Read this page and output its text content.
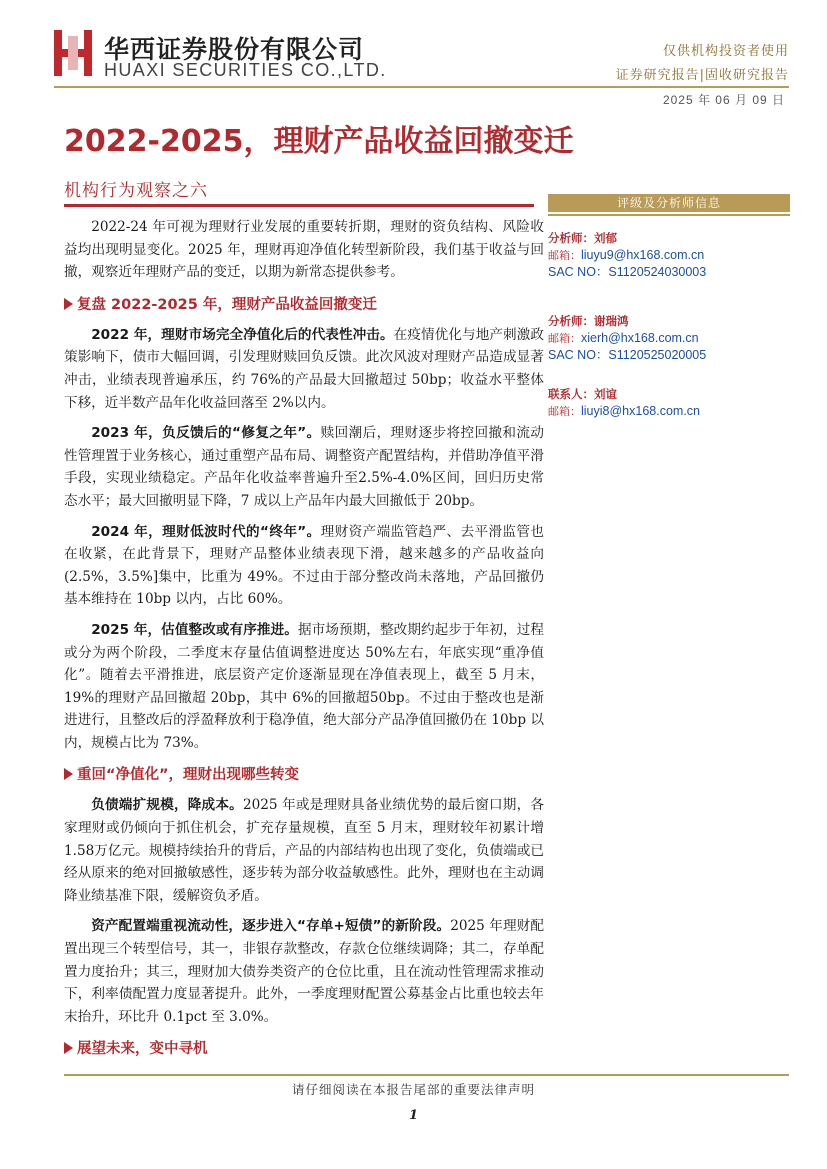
华西证券股份有限公司
HUAXI SECURITIES CO.,LTD.
仅供机构投资者使用
证券研究报告|固收研究报告
2025 年 06 月 09 日
2022-2025，理财产品收益回撤变迁
机构行为观察之六

2022-24 年可视为理财行业发展的重要转折期，理财的资负结构、风险收益均出现明显变化。2025 年，理财再迎净值化转型新阶段，我们基于收益与回撤，观察近年理财产品的变迁，以期为新常态提供参考。

复盘 2022-2025 年，理财产品收益回撤变迁

2022 年，理财市场完全净值化后的代表性冲击。在疫情优化与地产刺激政策影响下，债市大幅回调，引发理财赎回负反馈。此次风波对理财产品造成显著冲击，业绩表现普遍承压，约 76%的产品最大回撤超过 50bp；收益水平整体下移，近半数产品年化收益回落至 2%以内。

2023 年，负反馈后的“修复之年”。赎回潮后，理财逐步将控回撤和流动性管理置于业务核心，通过重塑产品布局、调整资产配置结构，并借助净值平滑手段，实现业绩稳定。产品年化收益率普遍升至2.5%-4.0%区间，回归历史常态水平；最大回撤明显下降，7 成以上产品年内最大回撤低于 20bp。

2024 年，理财低波时代的“终年”。理财资产端监管趋严、去平滑监管也在收紧，在此背景下，理财产品整体业绩表现下滑，越来越多的产品收益向(2.5%，3.5%]集中，比重为 49%。不过由于部分整改尚未落地，产品回撤仍基本维持在 10bp 以内，占比 60%。

2025 年，估值整改或有序推进。据市场预期，整改期约起步于年初，过程或分为两个阶段，二季度末存量估值调整进度达 50%左右，年底实现“重净值化”。随着去平滑推进，底层资产定价逐渐显现在净值表现上，截至 5 月末，19%的理财产品回撤超 20bp，其中 6%的回撤超50bp。不过由于整改也是渐进进行，且整改后的浮盈释放利于稳净值，绝大部分产品净值回撤仍在 10bp 以内，规模占比为 73%。

重回“净值化”，理财出现哪些转变

负债端扩规模，降成本。2025 年或是理财具备业绩优势的最后窗口期，各家理财或仍倾向于抓住机会，扩充存量规模，直至 5 月末，理财较年初累计增1.58万亿元。规模持续抬升的背后，产品的内部结构也出现了变化，负债端或已经从原来的绝对回撤敏感性，逐步转为部分收益敏感性。此外，理财也在主动调降业绩基准下限，缓解资负矛盾。

资产配置端重视流动性，逐步进入“存单+短债”的新阶段。2025 年理财配置出现三个转型信号，其一，非银存款整改，存款仓位继续调降；其二，存单配置力度抬升；其三，理财加大债券类资产的仓位比重，且在流动性管理需求推动下，利率债配置力度显著提升。此外，一季度理财配置公募基金占比重也较去年末抬升，环比升 0.1pct 至 3.0%。

展望未来，变中寻机
评级及分析师信息
分析师：刘郁
邮箱：liuyu9@hx168.com.cn
SAC NO：S1120524030003
分析师：谢瑞鸿
邮箱：xierh@hx168.com.cn
SAC NO：S1120525020005
联系人：刘谊
邮箱：liuyi8@hx168.com.cn
请仔细阅读在本报告尾部的重要法律声明
1
